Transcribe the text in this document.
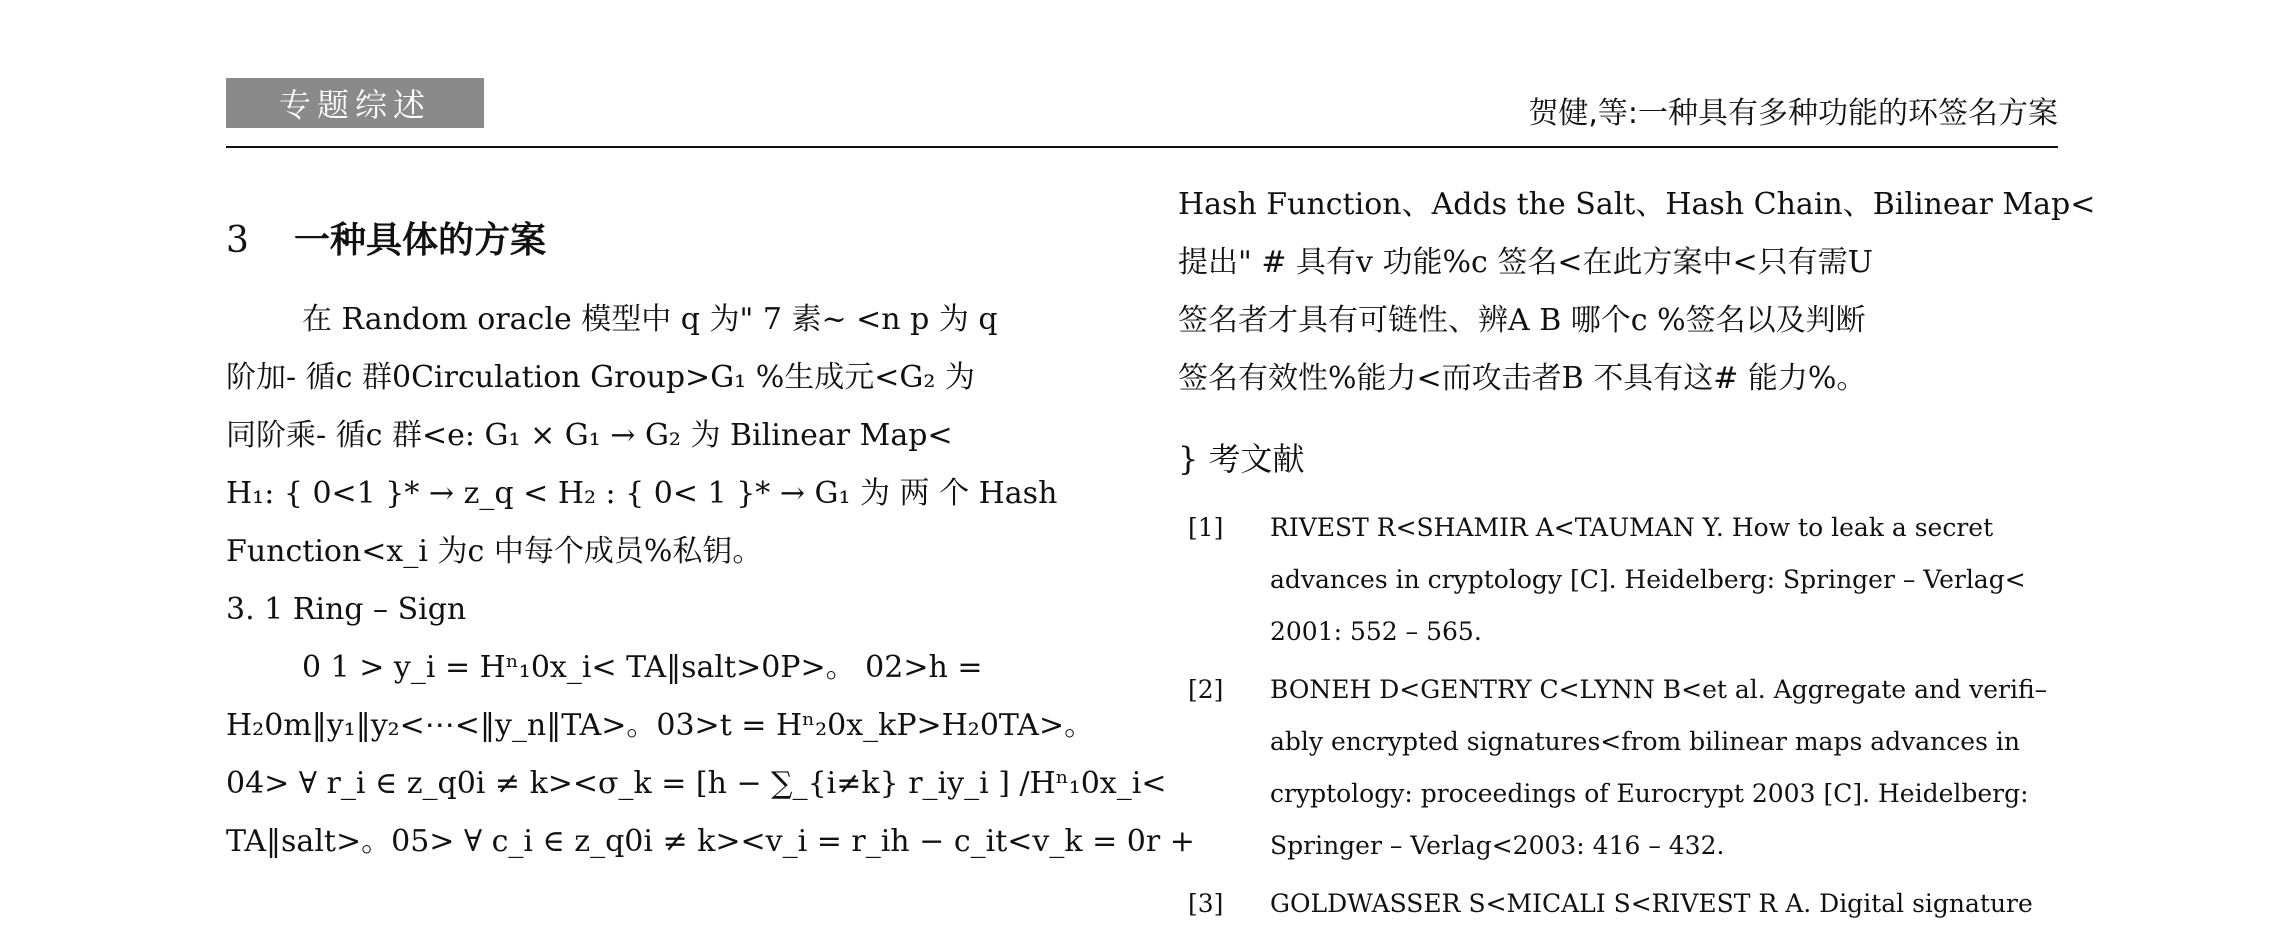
专题综述	贺健,等:一种具有多种功能的环签名方案
3 一种具体的方案

在 Random oracle 模型中 q 为" 7 素~ <n p 为 q

阶加- 循c 群0Circulation Group>G₁ %生成元<G₂ 为

同阶乘- 循c 群<e: G₁ × G₁ → G₂ 为 Bilinear Map<

H₁: { 0<1 }* → z_q < H₂ : { 0< 1 }* → G₁ 为 两 个 Hash

Function<x_i 为c 中每个成员%私钥。

3. 1 Ring – Sign

0 1 > y_i = Hⁿ₁0x_i< TA‖salt>0P>。 02>h =

H₂0m‖y₁‖y₂<⋯<‖y_n‖TA>。03>t = Hⁿ₂0x_kP>H₂0TA>。

04> ∀ r_i ∈ z_q0i ≠ k><σ_k = [h − ∑_{i≠k} r_iy_i ] /Hⁿ₁0x_i<

TA‖salt>。05> ∀ c_i ∈ z_q0i ≠ k><v_i = r_ih − c_it<v_k = 0r +

Hash Function、Adds the Salt、Hash Chain、Bilinear Map<

提出" # 具有v 功能%c 签名<在此方案中<只有需U

签名者才具有可链性、辨A B 哪个c %签名以及判断

签名有效性%能力<而攻击者B 不具有这# 能力%。

} 考文献
[1] RIVEST R<SHAMIR A<TAUMAN Y. How to leak a secret
advances in cryptology [C]. Heidelberg: Springer – Verlag<
2001: 552 – 565.
[2] BONEH D<GENTRY C<LYNN B<et al. Aggregate and verifi–
ably encrypted signatures<from bilinear maps advances in
cryptology: proceedings of Eurocrypt 2003 [C]. Heidelberg:
Springer – Verlag<2003: 416 – 432.
[3] GOLDWASSER S<MICALI S<RIVEST R A. Digital signature
